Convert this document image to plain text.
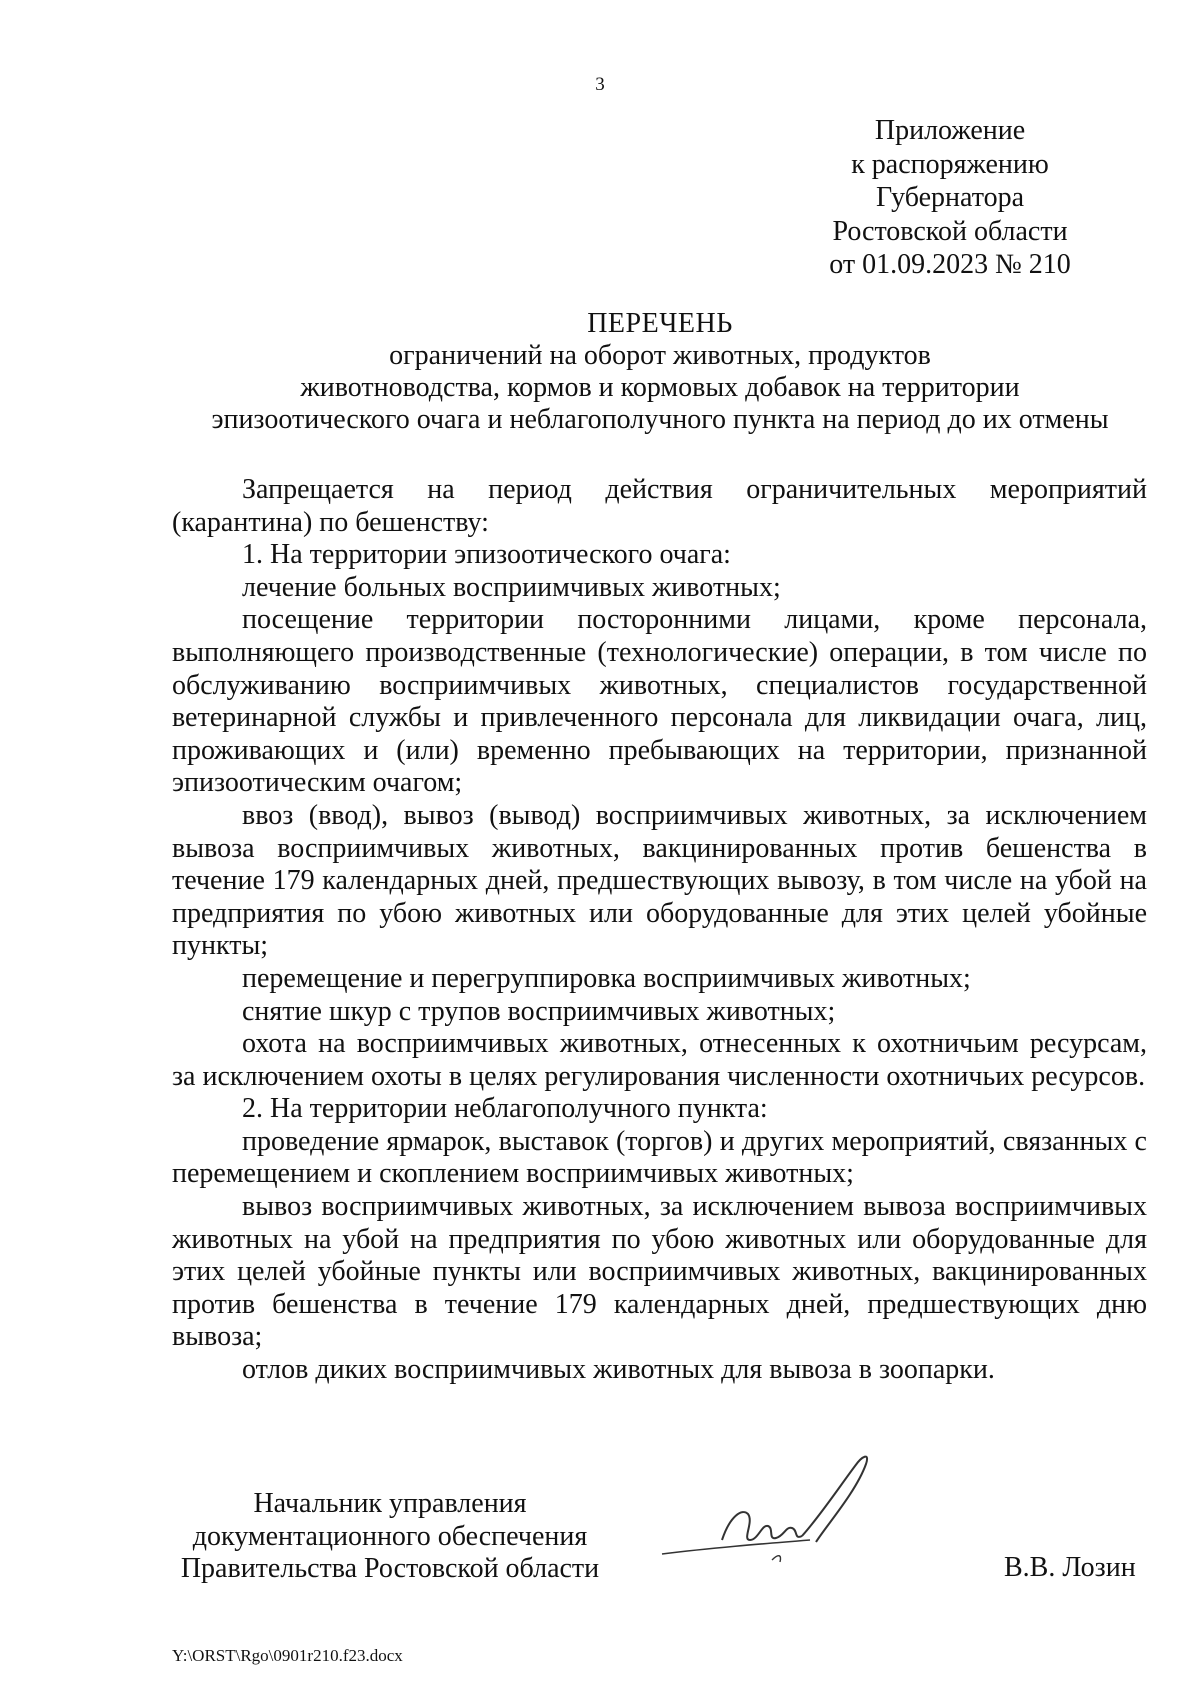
3
Приложение
к распоряжению
Губернатора
Ростовской области
от 01.09.2023 № 210
ПЕРЕЧЕНЬ
ограничений на оборот животных, продуктов
животноводства, кормов и кормовых добавок на территории
эпизоотического очага и неблагополучного пункта на период до их отмены

Запрещается на период действия ограничительных мероприятий (карантина) по бешенству:

1. На территории эпизоотического очага:

лечение больных восприимчивых животных;

посещение территории посторонними лицами, кроме персонала, выполняющего производственные (технологические) операции, в том числе по обслуживанию восприимчивых животных, специалистов государственной ветеринарной службы и привлеченного персонала для ликвидации очага, лиц, проживающих и (или) временно пребывающих на территории, признанной эпизоотическим очагом;

ввоз (ввод), вывоз (вывод) восприимчивых животных, за исключением вывоза восприимчивых животных, вакцинированных против бешенства в течение 179 календарных дней, предшествующих вывозу, в том числе на убой на предприятия по убою животных или оборудованные для этих целей убойные пункты;

перемещение и перегруппировка восприимчивых животных;

снятие шкур с трупов восприимчивых животных;

охота на восприимчивых животных, отнесенных к охотничьим ресурсам, за исключением охоты в целях регулирования численности охотничьих ресурсов.

2. На территории неблагополучного пункта:

проведение ярмарок, выставок (торгов) и других мероприятий, связанных с перемещением и скоплением восприимчивых животных;

вывоз восприимчивых животных, за исключением вывоза восприимчивых животных на убой на предприятия по убою животных или оборудованные для этих целей убойные пункты или восприимчивых животных, вакцинированных против бешенства в течение 179 календарных дней, предшествующих дню вывоза;

отлов диких восприимчивых животных для вывоза в зоопарки.

Начальник управления
документационного обеспечения
Правительства Ростовской области	В.В. Лозин
Y:\ORST\Rgo\0901r210.f23.docx
